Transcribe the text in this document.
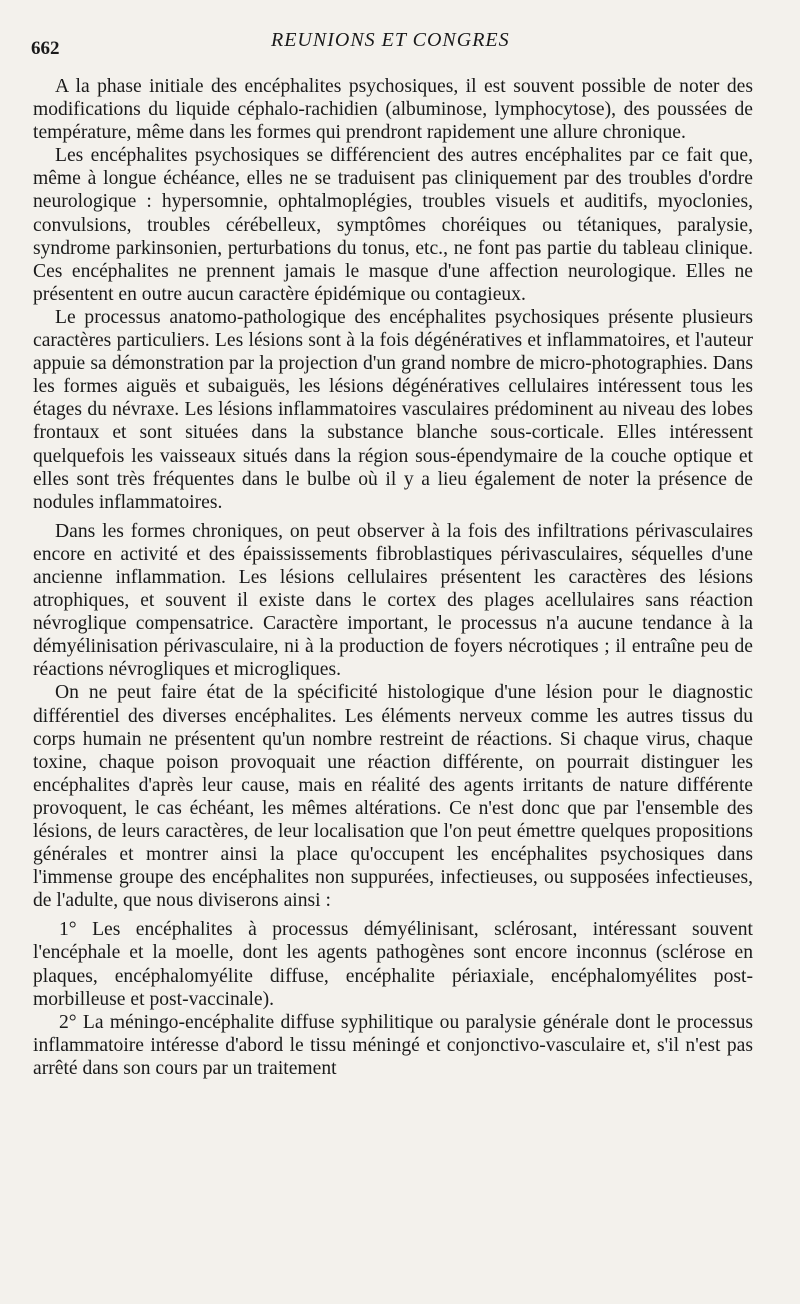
662	REUNIONS ET CONGRES

A la phase initiale des encéphalites psychosiques, il est souvent possible de noter des modifications du liquide céphalo-rachidien (albuminose, lymphocytose), des poussées de température, même dans les formes qui prendront rapidement une allure chronique.

Les encéphalites psychosiques se différencient des autres encéphalites par ce fait que, même à longue échéance, elles ne se traduisent pas cliniquement par des troubles d'ordre neurologique : hypersomnie, ophtalmoplégies, troubles visuels et auditifs, myoclonies, convulsions, troubles cérébelleux, symptômes choréiques ou tétaniques, paralysie, syndrome parkinsonien, perturbations du tonus, etc., ne font pas partie du tableau clinique. Ces encéphalites ne prennent jamais le masque d'une affection neurologique. Elles ne présentent en outre aucun caractère épidémique ou contagieux.

Le processus anatomo-pathologique des encéphalites psychosiques présente plusieurs caractères particuliers. Les lésions sont à la fois dégénératives et inflammatoires, et l'auteur appuie sa démonstration par la projection d'un grand nombre de micro-photographies. Dans les formes aiguës et subaiguës, les lésions dégénératives cellulaires intéressent tous les étages du névraxe. Les lésions inflammatoires vasculaires prédominent au niveau des lobes frontaux et sont situées dans la substance blanche sous-corticale. Elles intéressent quelquefois les vaisseaux situés dans la région sous-épendymaire de la couche optique et elles sont très fréquentes dans le bulbe où il y a lieu également de noter la présence de nodules inflammatoires.

Dans les formes chroniques, on peut observer à la fois des infiltrations périvasculaires encore en activité et des épaississements fibroblastiques périvasculaires, séquelles d'une ancienne inflammation. Les lésions cellulaires présentent les caractères des lésions atrophiques, et souvent il existe dans le cortex des plages acellulaires sans réaction névroglique compensatrice. Caractère important, le processus n'a aucune tendance à la démyélinisation périvasculaire, ni à la production de foyers nécrotiques ; il entraîne peu de réactions névrogliques et microgliques.

On ne peut faire état de la spécificité histologique d'une lésion pour le diagnostic différentiel des diverses encéphalites. Les éléments nerveux comme les autres tissus du corps humain ne présentent qu'un nombre restreint de réactions. Si chaque virus, chaque toxine, chaque poison provoquait une réaction différente, on pourrait distinguer les encéphalites d'après leur cause, mais en réalité des agents irritants de nature différente provoquent, le cas échéant, les mêmes altérations. Ce n'est donc que par l'ensemble des lésions, de leurs caractères, de leur localisation que l'on peut émettre quelques propositions générales et montrer ainsi la place qu'occupent les encéphalites psychosiques dans l'immense groupe des encéphalites non suppurées, infectieuses, ou supposées infectieuses, de l'adulte, que nous diviserons ainsi :

1° Les encéphalites à processus démyélinisant, sclérosant, intéressant souvent l'encéphale et la moelle, dont les agents pathogènes sont encore inconnus (sclérose en plaques, encéphalomyélite diffuse, encéphalite périaxiale, encéphalomyélites post-morbilleuse et post-vaccinale).

2° La méningo-encéphalite diffuse syphilitique ou paralysie générale dont le processus inflammatoire intéresse d'abord le tissu méningé et conjonctivo-vasculaire et, s'il n'est pas arrêté dans son cours par un traitement
